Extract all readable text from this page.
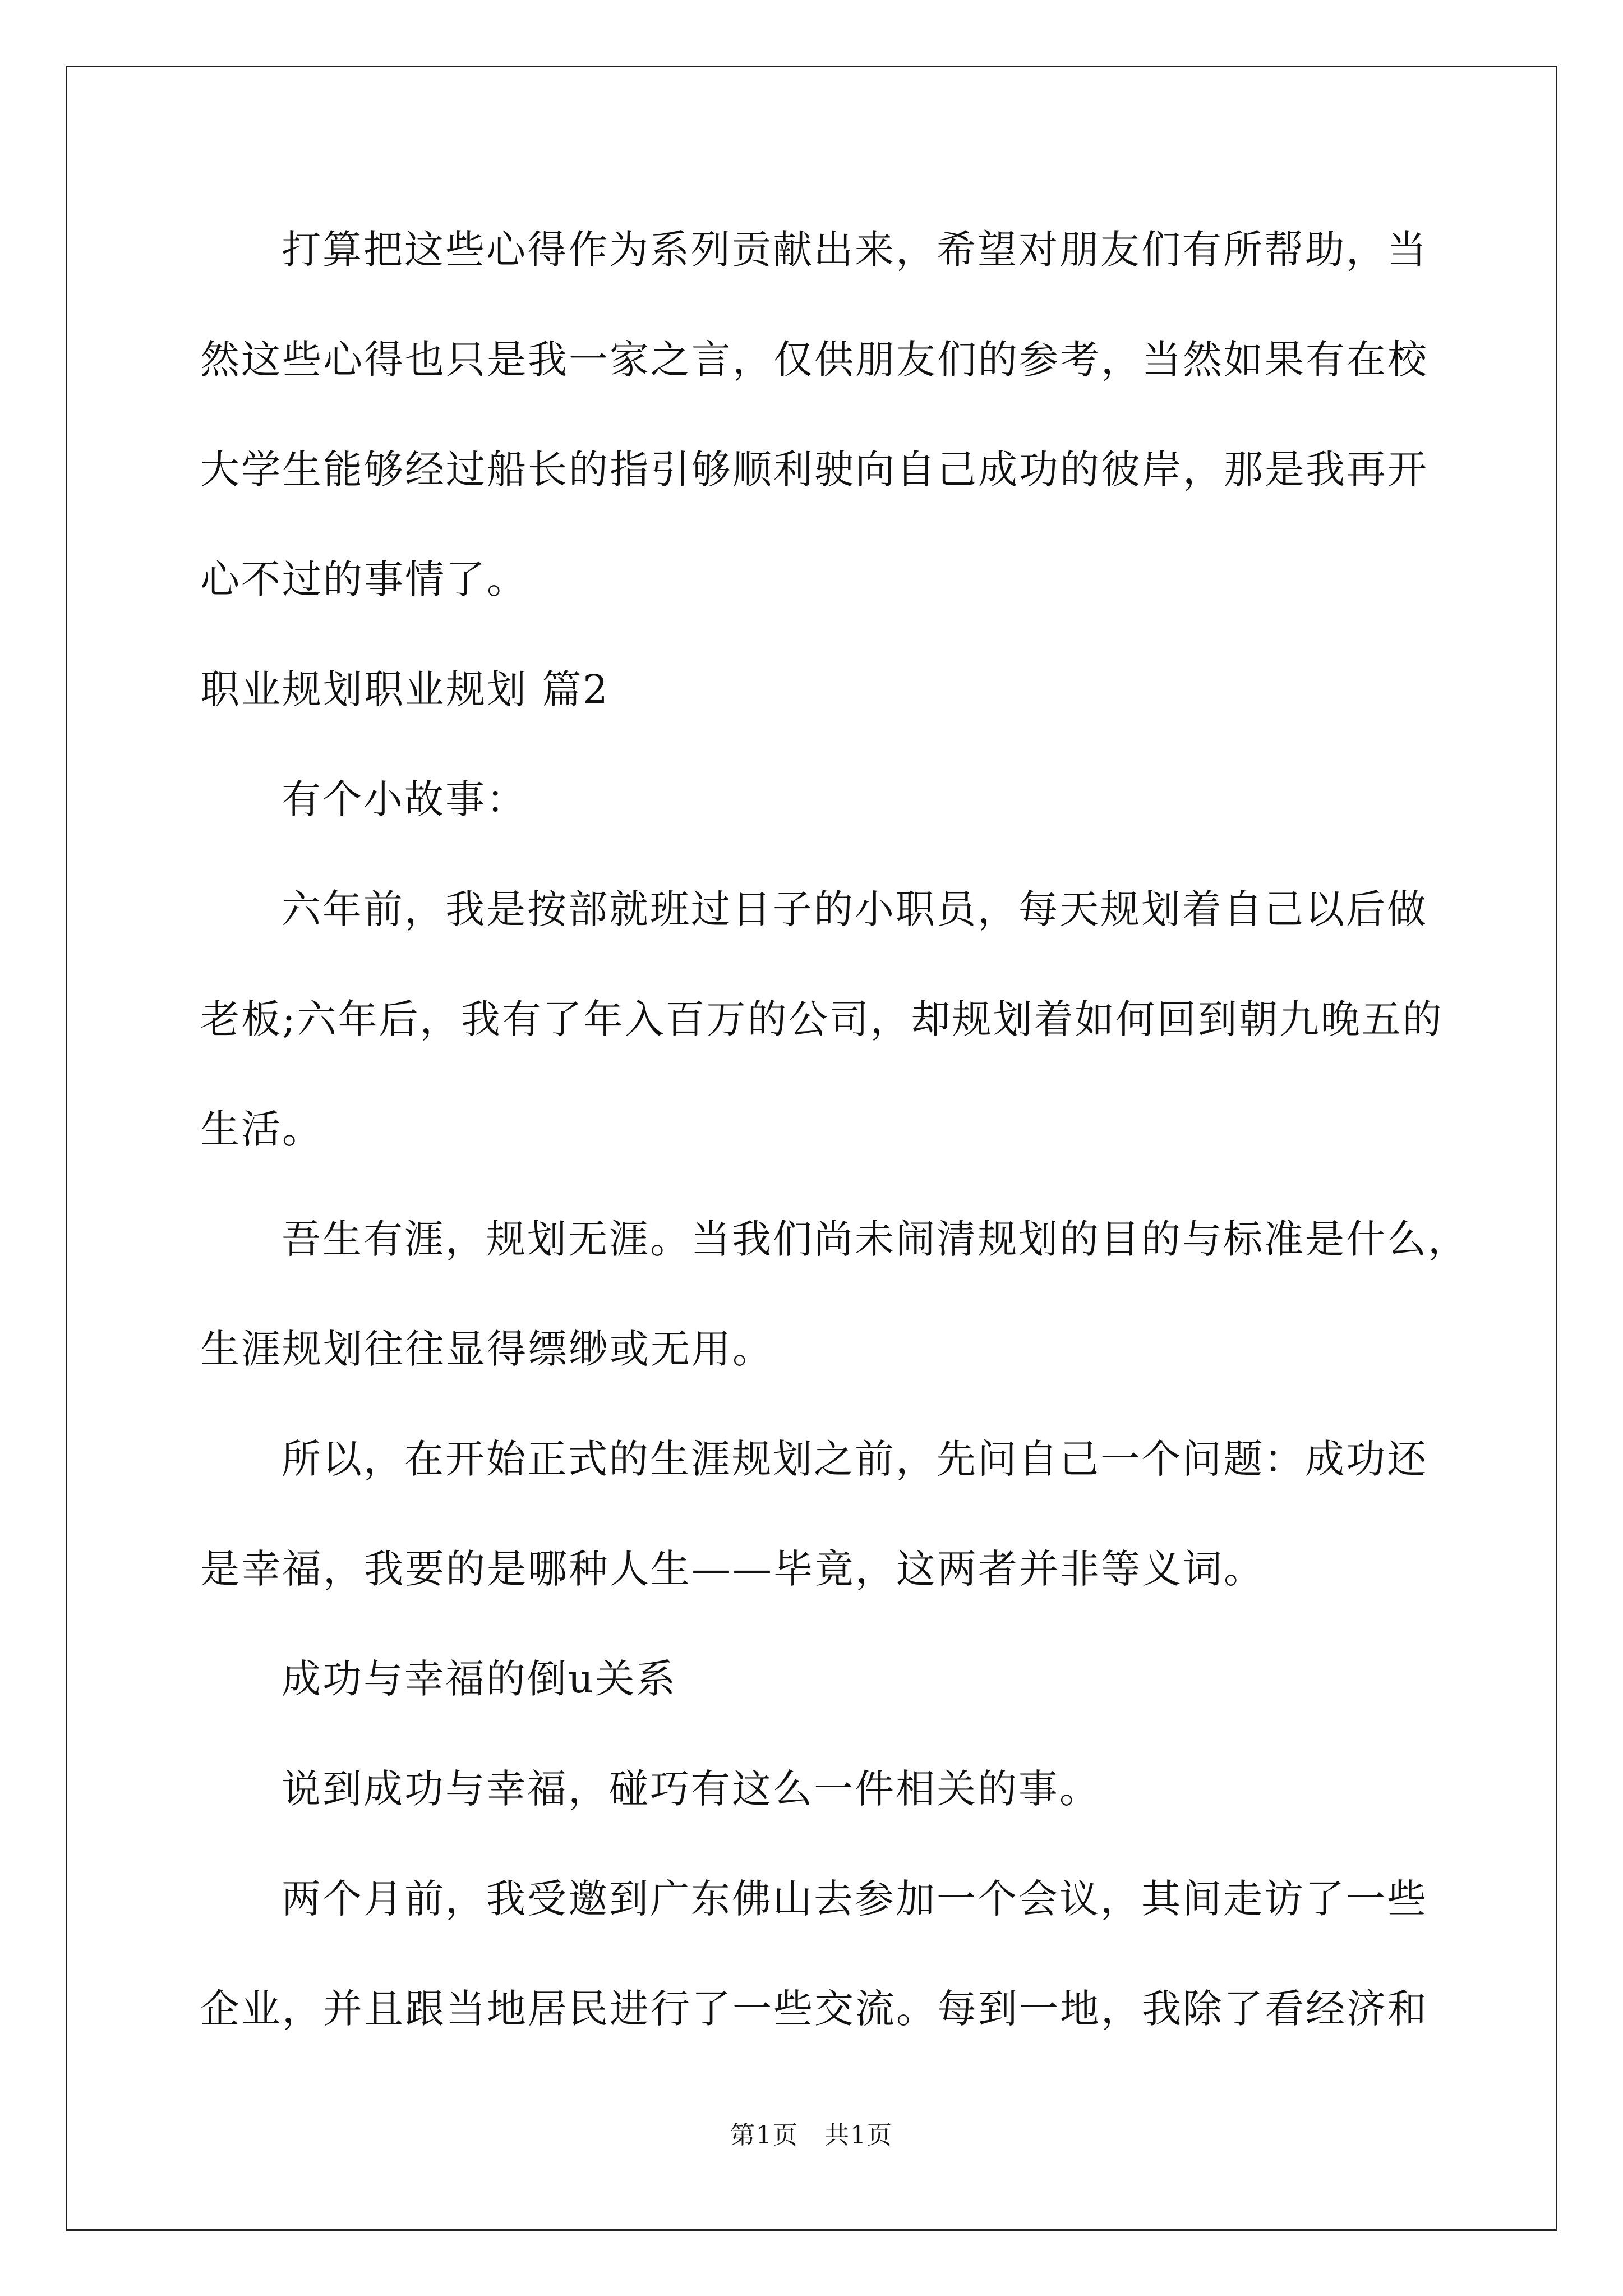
打算把这些心得作为系列贡献出来，希望对朋友们有所帮助，当
然这些心得也只是我一家之言，仅供朋友们的参考，当然如果有在校
大学生能够经过船长的指引够顺利驶向自己成功的彼岸，那是我再开
心不过的事情了。
职业规划职业规划 篇2
有个小故事：
六年前，我是按部就班过日子的小职员，每天规划着自己以后做
老板;六年后，我有了年入百万的公司，却规划着如何回到朝九晚五的
生活。
吾生有涯，规划无涯。当我们尚未闹清规划的目的与标准是什么，
生涯规划往往显得缥缈或无用。
所以，在开始正式的生涯规划之前，先问自己一个问题：成功还
是幸福，我要的是哪种人生——毕竟，这两者并非等义词。
成功与幸福的倒u关系
说到成功与幸福，碰巧有这么一件相关的事。
两个月前，我受邀到广东佛山去参加一个会议，其间走访了一些
企业，并且跟当地居民进行了一些交流。每到一地，我除了看经济和
第1页　共1页
